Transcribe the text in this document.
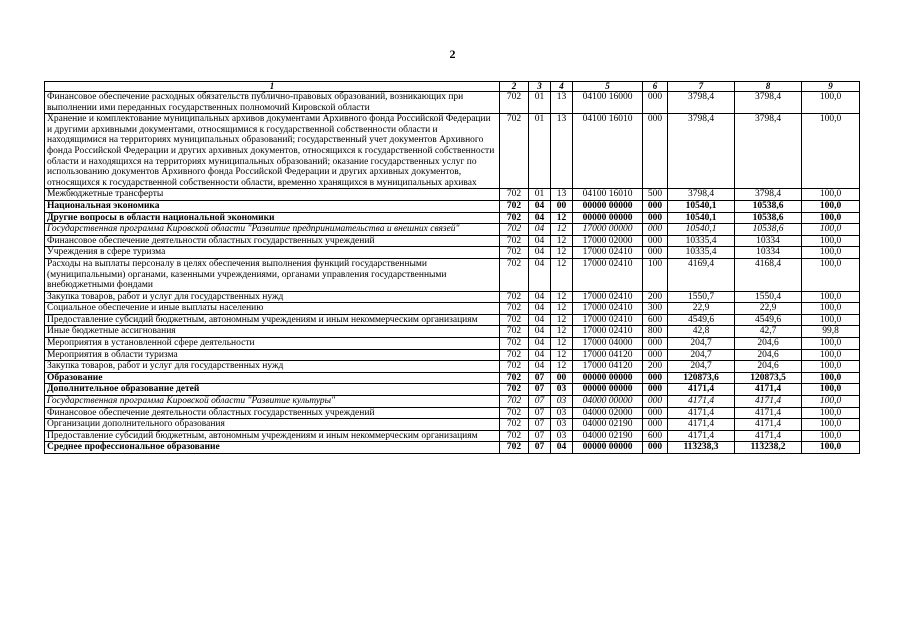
2
1	2	3	4	5	6	7	8	9
Финансовое обеспечение расходных обязательств публично-правовых образований, возникающих при выполнении ими переданных государственных полномочий Кировской области	702	01	13	04100 16000	000	3798,4	3798,4	100,0
Хранение и комплектование муниципальных архивов документами Архивного фонда Российской Федерации и другими архивными документами, относящимися к государственной собственности области и находящимися на территориях муниципальных образований; государственный учет документов Архивного фонда Российской Федерации и других архивных документов, относящихся к государственной собственности области и находящихся на территориях муниципальных образований; оказание государственных услуг по использованию документов Архивного фонда Российской Федерации и других архивных документов, относящихся к государственной собственности области, временно хранящихся в муниципальных архивах	702	01	13	04100 16010	000	3798,4	3798,4	100,0
Межбюджетные трансферты	702	01	13	04100 16010	500	3798,4	3798,4	100,0
Национальная экономика	702	04	00	00000 00000	000	10540,1	10538,6	100,0
Другие вопросы в области национальной экономики	702	04	12	00000 00000	000	10540,1	10538,6	100,0
Государственная программа Кировской области "Развитие предпринимательства и внешних связей"	702	04	12	17000 00000	000	10540,1	10538,6	100,0
Финансовое обеспечение деятельности областных государственных учреждений	702	04	12	17000 02000	000	10335,4	10334	100,0
Учреждения в сфере туризма	702	04	12	17000 02410	000	10335,4	10334	100,0
Расходы на выплаты персоналу в целях обеспечения выполнения функций государственными (муниципальными) органами, казенными учреждениями, органами управления государственными внебюджетными фондами	702	04	12	17000 02410	100	4169,4	4168,4	100,0
Закупка товаров, работ и услуг для государственных нужд	702	04	12	17000 02410	200	1550,7	1550,4	100,0
Социальное обеспечение и иные выплаты населению	702	04	12	17000 02410	300	22,9	22,9	100,0
Предоставление субсидий бюджетным, автономным учреждениям и иным некоммерческим организациям	702	04	12	17000 02410	600	4549,6	4549,6	100,0
Иные бюджетные ассигнования	702	04	12	17000 02410	800	42,8	42,7	99,8
Мероприятия в установленной сфере деятельности	702	04	12	17000 04000	000	204,7	204,6	100,0
Мероприятия в области туризма	702	04	12	17000 04120	000	204,7	204,6	100,0
Закупка товаров, работ и услуг для государственных нужд	702	04	12	17000 04120	200	204,7	204,6	100,0
Образование	702	07	00	00000 00000	000	120873,6	120873,5	100,0
Дополнительное образование детей	702	07	03	00000 00000	000	4171,4	4171,4	100,0
Государственная программа Кировской области "Развитие культуры"	702	07	03	04000 00000	000	4171,4	4171,4	100,0
Финансовое обеспечение деятельности областных государственных учреждений	702	07	03	04000 02000	000	4171,4	4171,4	100,0
Организации дополнительного образования	702	07	03	04000 02190	000	4171,4	4171,4	100,0
Предоставление субсидий бюджетным, автономным учреждениям и иным некоммерческим организациям	702	07	03	04000 02190	600	4171,4	4171,4	100,0
Среднее профессиональное образование	702	07	04	00000 00000	000	113238,3	113238,2	100,0
